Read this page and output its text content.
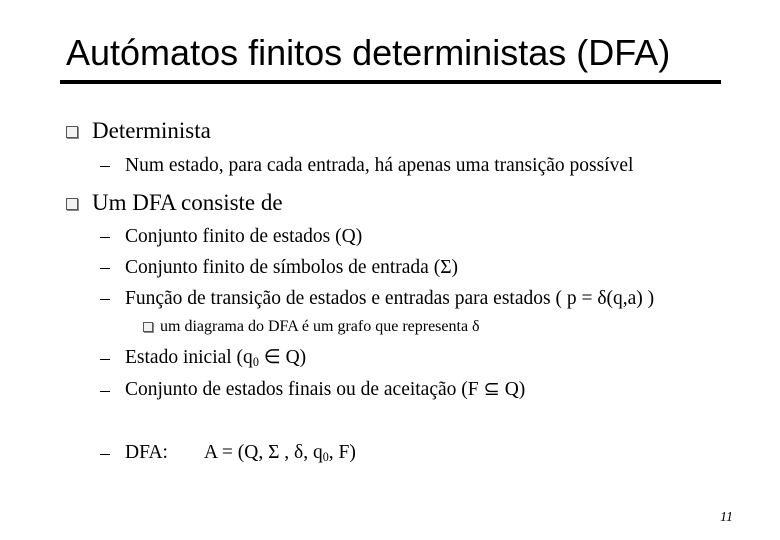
Autómatos finitos deterministas (DFA)
Determinista
Num estado, para cada entrada, há apenas uma transição possível
Um DFA consiste de
Conjunto finito de estados (Q)
Conjunto finito de símbolos de entrada (Σ)
Função de transição de estados e entradas para estados ( p = δ(q,a) )
um diagrama do DFA é um grafo que representa δ
Estado inicial ($q_0$ ∈ Q)
Conjunto de estados finais ou de aceitação (F ⊆ Q)
DFA: A = (Q, Σ , δ, $q_0$, F)
11
